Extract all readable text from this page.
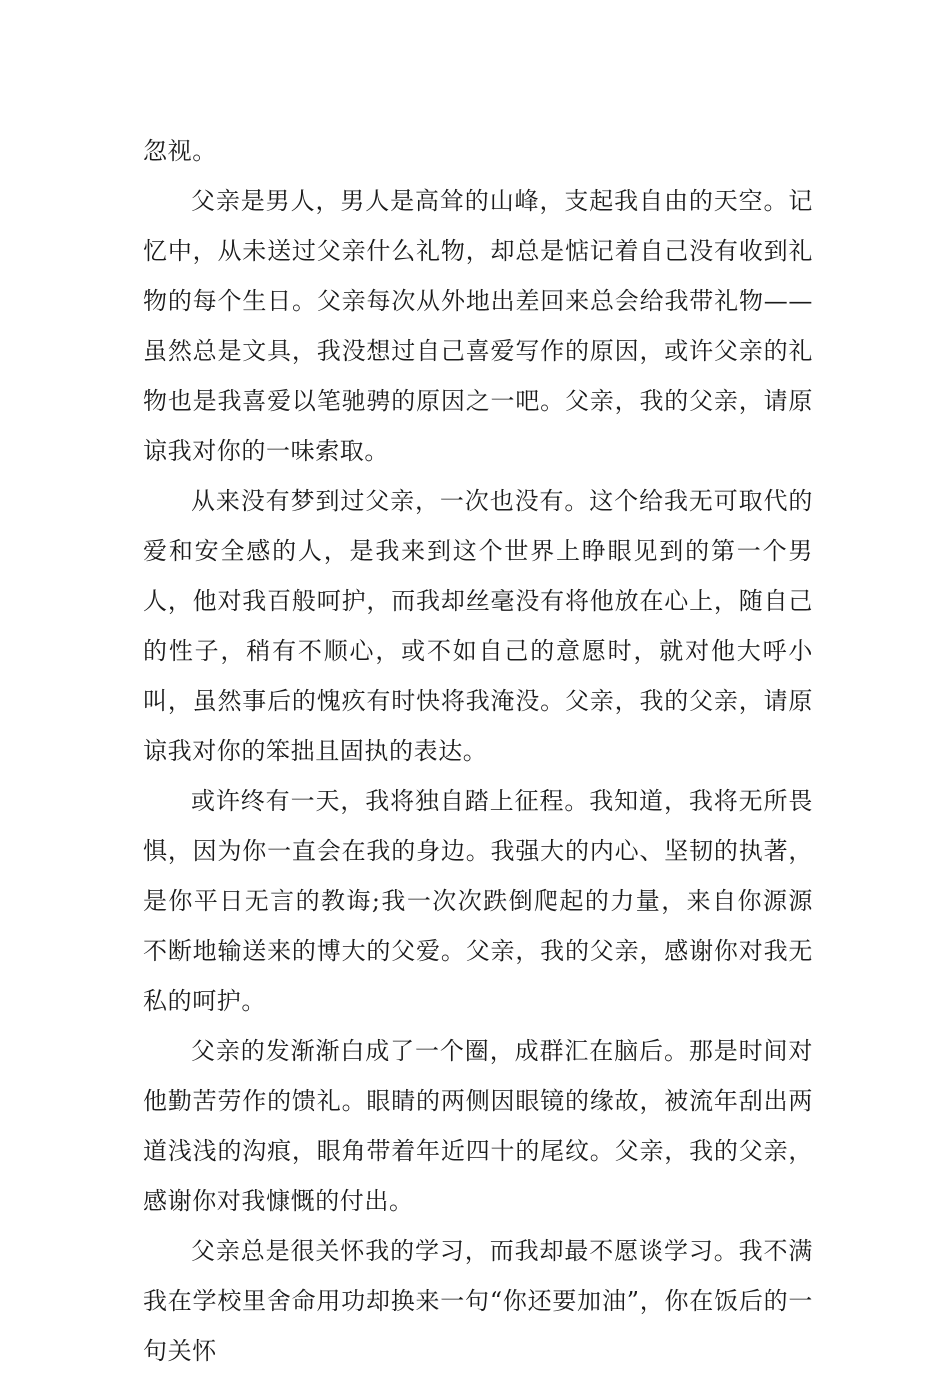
忽视。

父亲是男人，男人是高耸的山峰，支起我自由的天空。记忆中，从未送过父亲什么礼物，却总是惦记着自己没有收到礼物的每个生日。父亲每次从外地出差回来总会给我带礼物——虽然总是文具，我没想过自己喜爱写作的原因，或许父亲的礼物也是我喜爱以笔驰骋的原因之一吧。父亲，我的父亲，请原谅我对你的一味索取。

从来没有梦到过父亲，一次也没有。这个给我无可取代的爱和安全感的人，是我来到这个世界上睁眼见到的第一个男人，他对我百般呵护，而我却丝毫没有将他放在心上，随自己的性子，稍有不顺心，或不如自己的意愿时，就对他大呼小叫，虽然事后的愧疚有时快将我淹没。父亲，我的父亲，请原谅我对你的笨拙且固执的表达。

或许终有一天，我将独自踏上征程。我知道，我将无所畏惧，因为你一直会在我的身边。我强大的内心、坚韧的执著，是你平日无言的教诲;我一次次跌倒爬起的力量，来自你源源不断地输送来的博大的父爱。父亲，我的父亲，感谢你对我无私的呵护。

父亲的发渐渐白成了一个圈，成群汇在脑后。那是时间对他勤苦劳作的馈礼。眼睛的两侧因眼镜的缘故，被流年刮出两道浅浅的沟痕，眼角带着年近四十的尾纹。父亲，我的父亲，感谢你对我慷慨的付出。

父亲总是很关怀我的学习，而我却最不愿谈学习。我不满我在学校里舍命用功却换来一句“你还要加油”，你在饭后的一句关怀
